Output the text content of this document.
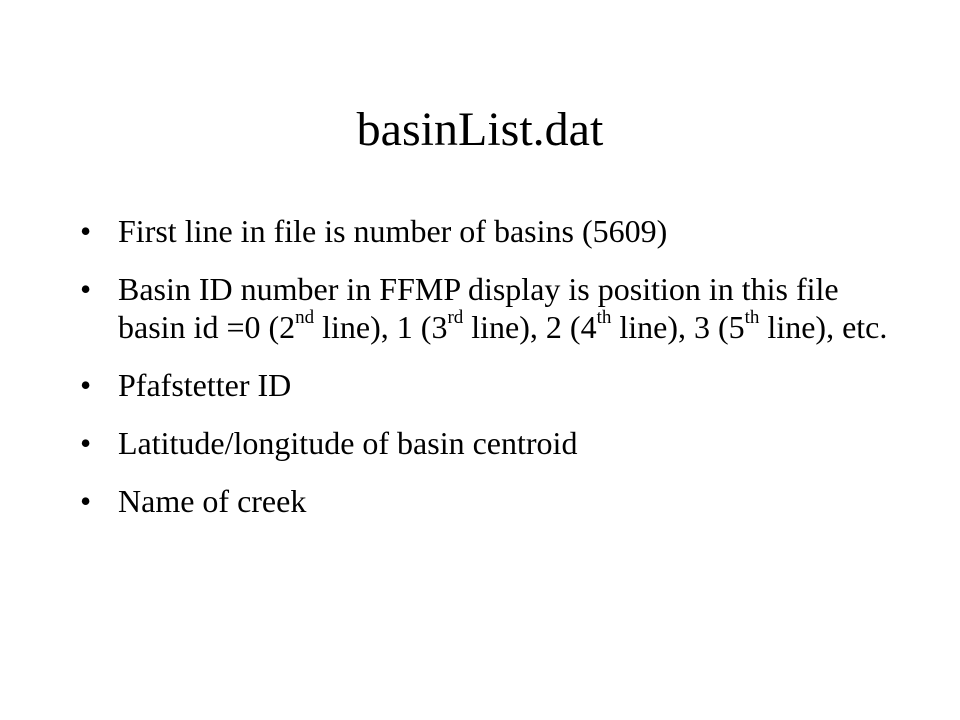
basinList.dat
• First line in file is number of basins (5609)
• Basin ID number in FFMP display is position in this file basin id =0 (2nd line), 1 (3rd line), 2 (4th line), 3 (5th line), etc.
• Pfafstetter ID
• Latitude/longitude of basin centroid
• Name of creek
